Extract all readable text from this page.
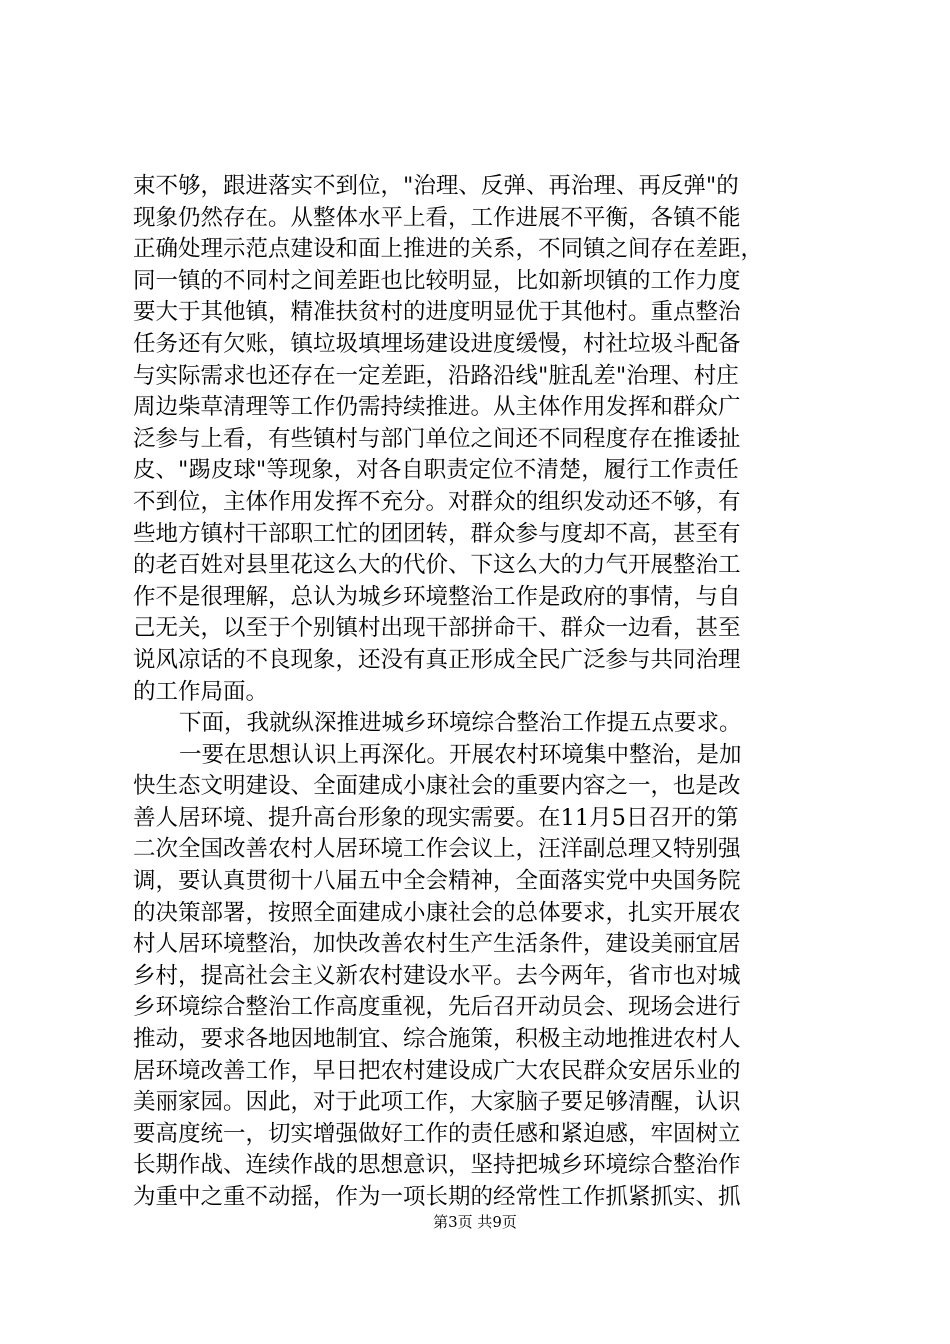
束不够，跟进落实不到位，"治理、反弹、再治理、再反弹"的
现象仍然存在。从整体水平上看，工作进展不平衡，各镇不能
正确处理示范点建设和面上推进的关系，不同镇之间存在差距，
同一镇的不同村之间差距也比较明显，比如新坝镇的工作力度
要大于其他镇，精准扶贫村的进度明显优于其他村。重点整治
任务还有欠账，镇垃圾填埋场建设进度缓慢，村社垃圾斗配备
与实际需求也还存在一定差距，沿路沿线"脏乱差"治理、村庄
周边柴草清理等工作仍需持续推进。从主体作用发挥和群众广
泛参与上看，有些镇村与部门单位之间还不同程度存在推诿扯
皮、"踢皮球"等现象，对各自职责定位不清楚，履行工作责任
不到位，主体作用发挥不充分。对群众的组织发动还不够，有
些地方镇村干部职工忙的团团转，群众参与度却不高，甚至有
的老百姓对县里花这么大的代价、下这么大的力气开展整治工
作不是很理解，总认为城乡环境整治工作是政府的事情，与自
己无关，以至于个别镇村出现干部拼命干、群众一边看，甚至
说风凉话的不良现象，还没有真正形成全民广泛参与共同治理
的工作局面。
下面，我就纵深推进城乡环境综合整治工作提五点要求。
一要在思想认识上再深化。开展农村环境集中整治，是加
快生态文明建设、全面建成小康社会的重要内容之一，也是改
善人居环境、提升高台形象的现实需要。在11月5日召开的第
二次全国改善农村人居环境工作会议上，汪洋副总理又特别强
调，要认真贯彻十八届五中全会精神，全面落实党中央国务院
的决策部署，按照全面建成小康社会的总体要求，扎实开展农
村人居环境整治，加快改善农村生产生活条件，建设美丽宜居
乡村，提高社会主义新农村建设水平。去今两年，省市也对城
乡环境综合整治工作高度重视，先后召开动员会、现场会进行
推动，要求各地因地制宜、综合施策，积极主动地推进农村人
居环境改善工作，早日把农村建设成广大农民群众安居乐业的
美丽家园。因此，对于此项工作，大家脑子要足够清醒，认识
要高度统一，切实增强做好工作的责任感和紧迫感，牢固树立
长期作战、连续作战的思想意识，坚持把城乡环境综合整治作
为重中之重不动摇，作为一项长期的经常性工作抓紧抓实、抓
第3页 共9页
